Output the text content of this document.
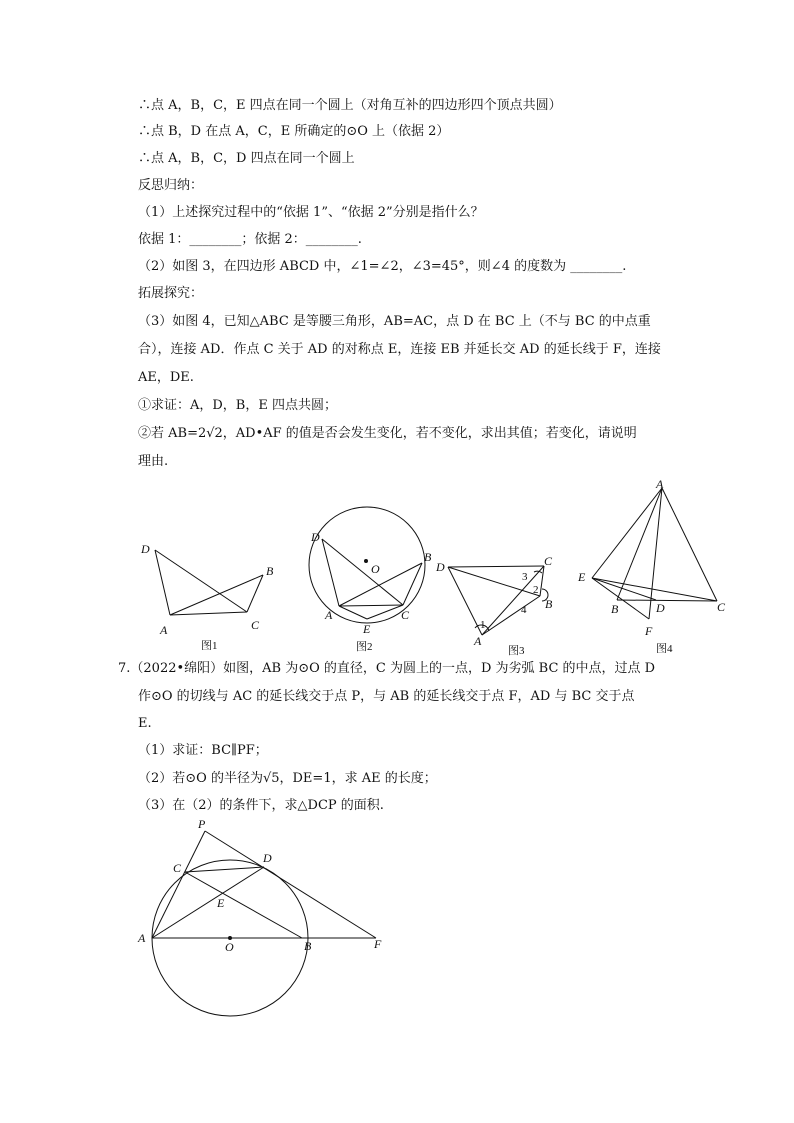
∴点 A，B，C，E 四点在同一个圆上（对角互补的四边形四个顶点共圆）
∴点 B，D 在点 A，C，E 所确定的⊙O 上（依据 2）
∴点 A，B，C，D 四点在同一个圆上
反思归纳：
（1）上述探究过程中的“依据 1”、“依据 2”分别是指什么？
依据 1：________；依据 2：________.
（2）如图 3，在四边形 ABCD 中，∠1=∠2，∠3=45°，则∠4 的度数为 ________.
拓展探究：
（3）如图 4，已知△ABC 是等腰三角形，AB=AC，点 D 在 BC 上（不与 BC 的中点重
合），连接 AD．作点 C 关于 AD 的对称点 E，连接 EB 并延长交 AD 的延长线于 F，连接
AE，DE.
①求证：A，D，B，E 四点共圆；
②若 AB=2√2，AD•AF 的值是否会发生变化，若不变化，求出其值；若变化，请说明
理由.
D
A	C
B
图1
D
O
B
A	C
E
图2
D	C
B
A
1
2
3
4
图3
A
E
B	D	C
F
图4
7.（2022•绵阳）如图，AB 为⊙O 的直径，C 为圆上的一点，D 为劣弧 BC 的中点，过点 D
作⊙O 的切线与 AC 的延长线交于点 P，与 AB 的延长线交于点 F，AD 与 BC 交于点
E.
（1）求证：BC∥PF；
（2）若⊙O 的半径为√5，DE=1，求 AE 的长度；
（3）在（2）的条件下，求△DCP 的面积.
P
C
D
E
A
O	B	F
